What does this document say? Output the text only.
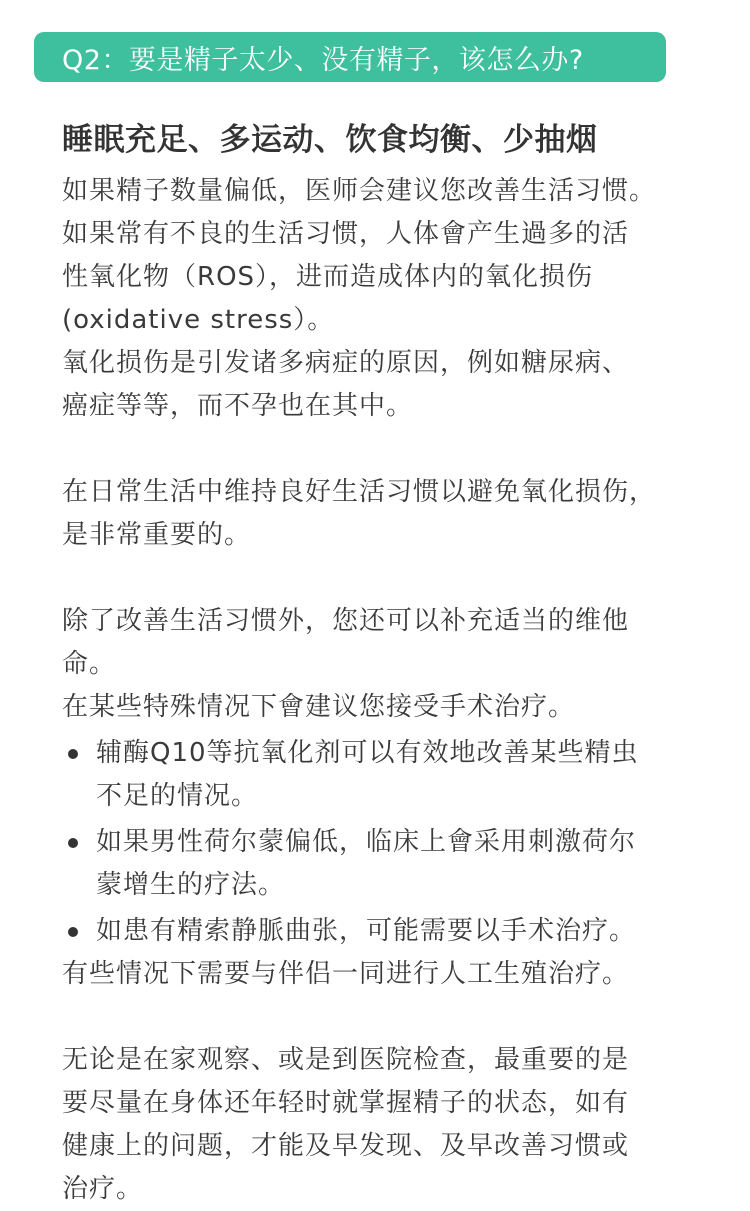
Q2：要是精子太少、没有精子，该怎么办?
睡眠充足、多运动、饮食均衡、少抽烟
如果精子数量偏低，医师会建议您改善生活习惯。
如果常有不良的生活习惯，人体會产生過多的活
性氧化物（ROS），进而造成体内的氧化损伤
(oxidative stress）。
氧化损伤是引发诸多病症的原因，例如糖尿病、
癌症等等，而不孕也在其中。
在日常生活中维持良好生活习惯以避免氧化损伤，
是非常重要的。
除了改善生活习惯外，您还可以补充适当的维他
命。
在某些特殊情况下會建议您接受手术治疗。
辅酶Q10等抗氧化剂可以有效地改善某些精虫
不足的情况。
如果男性荷尔蒙偏低，临床上會采用刺激荷尔
蒙增生的疗法。
如患有精索静脈曲张，可能需要以手术治疗。
有些情况下需要与伴侣一同进行人工生殖治疗。
无论是在家观察、或是到医院检查，最重要的是
要尽量在身体还年轻时就掌握精子的状态，如有
健康上的问题，才能及早发现、及早改善习惯或
治疗。
